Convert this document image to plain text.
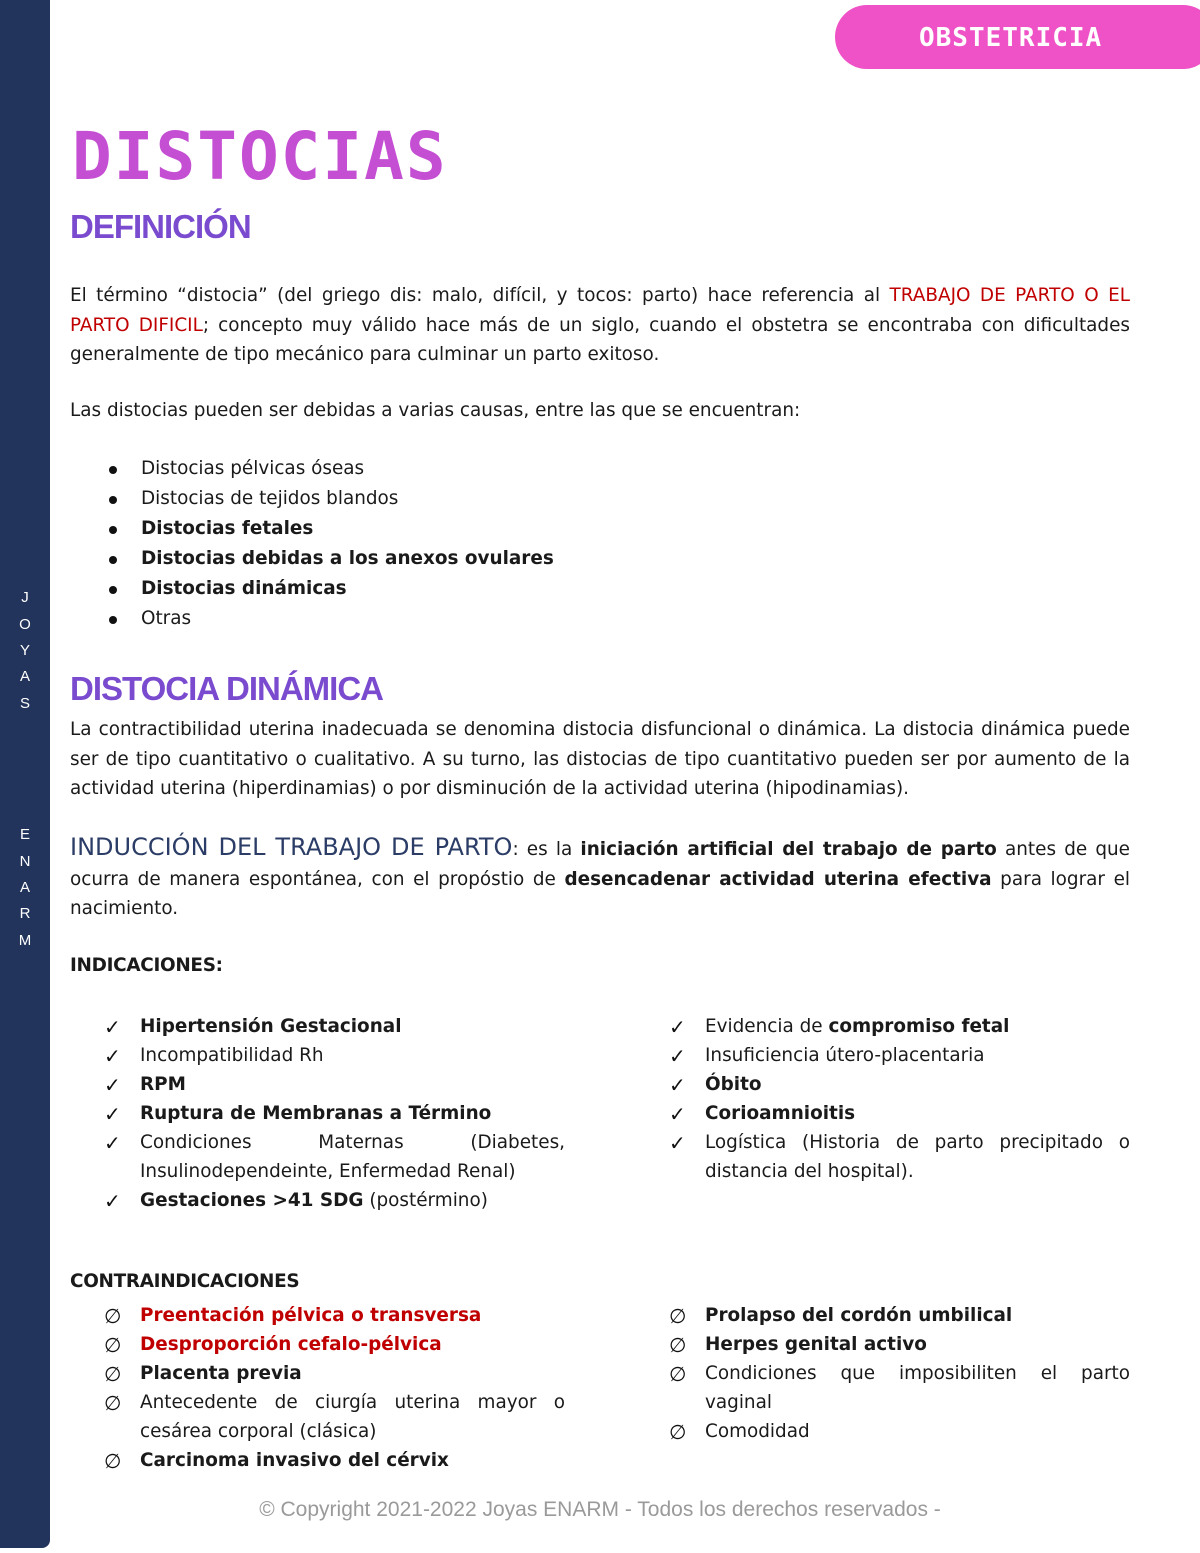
J
O
Y
A
S
E
N
A
R
M
OBSTETRICIA
DISTOCIAS
DEFINICIÓN

El término “distocia” (del griego dis: malo, difícil, y tocos: parto) hace referencia al TRABAJO DE PARTO O EL PARTO DIFICIL; concepto muy válido hace más de un siglo, cuando el obstetra se encontraba con dificultades generalmente de tipo mecánico para culminar un parto exitoso.

Las distocias pueden ser debidas a varias causas, entre las que se encuentran:

Distocias pélvicas óseas
Distocias de tejidos blandos
Distocias fetales
Distocias debidas a los anexos ovulares
Distocias dinámicas
Otras
DISTOCIA DINÁMICA

La contractibilidad uterina inadecuada se denomina distocia disfuncional o dinámica. La distocia dinámica puede ser de tipo cuantitativo o cualitativo. A su turno, las distocias de tipo cuantitativo pueden ser por aumento de la actividad uterina (hiperdinamias) o por disminución de la actividad uterina (hipodinamias).

INDUCCIÓN DEL TRABAJO DE PARTO: es la iniciación artificial del trabajo de parto antes de que ocurra de manera espontánea, con el propóstio de desencadenar actividad uterina efectiva para lograr el nacimiento.

INDICACIONES:

✓ Hipertensión Gestacional
✓ Incompatibilidad Rh
✓ RPM
✓ Ruptura de Membranas a Término
✓ Condiciones Maternas (Diabetes, Insulinodependeinte, Enfermedad Renal)
✓ Gestaciones >41 SDG (postérmino)
✓ Evidencia de compromiso fetal
✓ Insuficiencia útero-placentaria
✓ Óbito
✓ Corioamnioitis
✓ Logística (Historia de parto precipitado o distancia del hospital).

CONTRAINDICACIONES

∅ Preentación pélvica o transversa
∅ Desproporción cefalo-pélvica
∅ Placenta previa
∅ Antecedente de ciurgía uterina mayor o cesárea corporal (clásica)
∅ Carcinoma invasivo del cérvix
∅ Prolapso del cordón umbilical
∅ Herpes genital activo
∅ Condiciones que imposibiliten el parto vaginal
∅ Comodidad
© Copyright 2021-2022 Joyas ENARM - Todos los derechos reservados -
